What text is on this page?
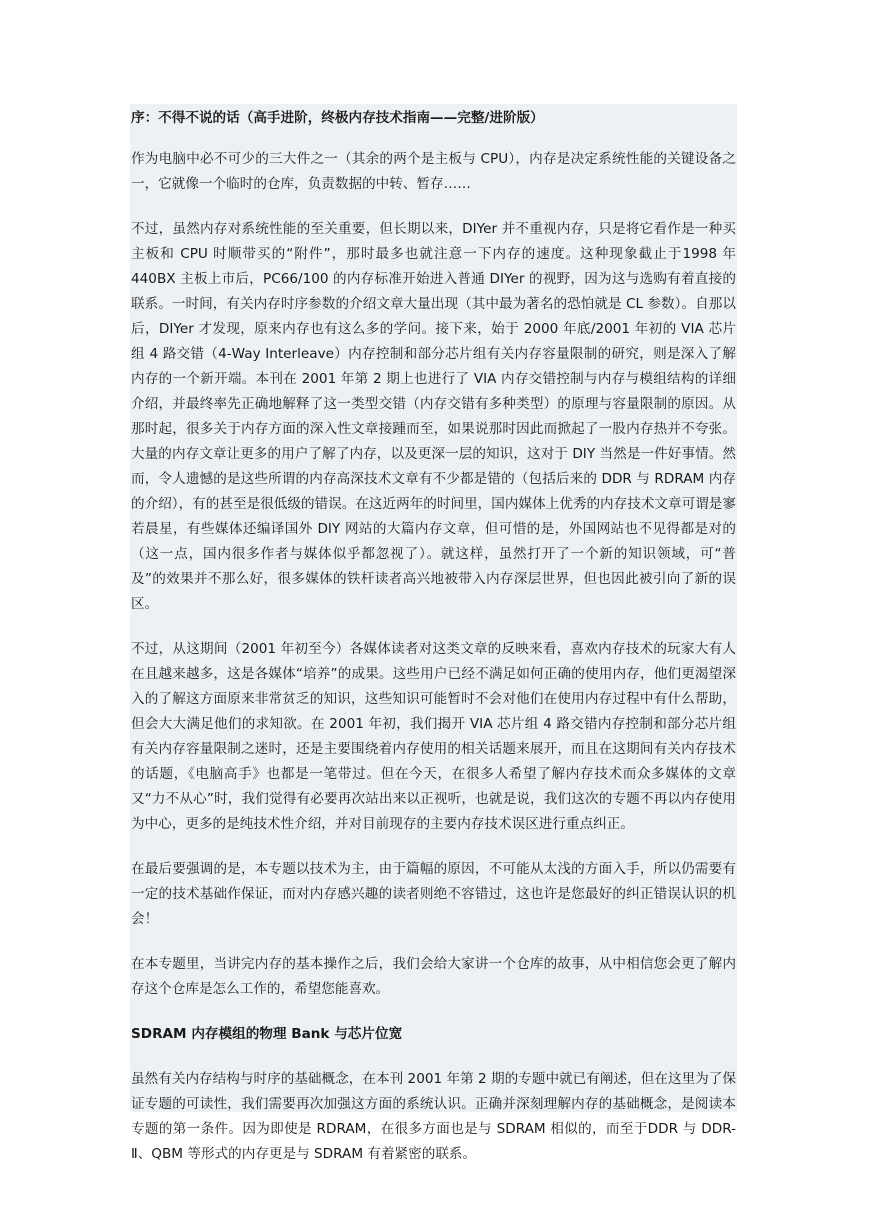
序：不得不说的话（高手进阶，终极内存技术指南——完整/进阶版）

作为电脑中必不可少的三大件之一（其余的两个是主板与 CPU），内存是决定系统性能的关键设备之一，它就像一个临时的仓库，负责数据的中转、暂存……

不过，虽然内存对系统性能的至关重要，但长期以来，DIYer 并不重视内存，只是将它看作是一种买主板和 CPU 时顺带买的“附件”，那时最多也就注意一下内存的速度。这种现象截止于1998 年 440BX 主板上市后，PC66/100 的内存标准开始进入普通 DIYer 的视野，因为这与选购有着直接的联系。一时间，有关内存时序参数的介绍文章大量出现（其中最为著名的恐怕就是 CL 参数）。自那以后，DIYer 才发现，原来内存也有这么多的学问。接下来，始于 2000 年底/2001 年初的 VIA 芯片组 4 路交错（4-Way Interleave）内存控制和部分芯片组有关内存容量限制的研究，则是深入了解内存的一个新开端。本刊在 2001 年第 2 期上也进行了 VIA 内存交错控制与内存与模组结构的详细介绍，并最终率先正确地解释了这一类型交错（内存交错有多种类型）的原理与容量限制的原因。从那时起，很多关于内存方面的深入性文章接踵而至，如果说那时因此而掀起了一股内存热并不夸张。大量的内存文章让更多的用户了解了内存，以及更深一层的知识，这对于 DIY 当然是一件好事情。然而，令人遗憾的是这些所谓的内存高深技术文章有不少都是错的（包括后来的 DDR 与 RDRAM 内存的介绍），有的甚至是很低级的错误。在这近两年的时间里，国内媒体上优秀的内存技术文章可谓是寥若晨星，有些媒体还编译国外 DIY 网站的大篇内存文章，但可惜的是，外国网站也不见得都是对的（这一点，国内很多作者与媒体似乎都忽视了）。就这样，虽然打开了一个新的知识领域，可“普及”的效果并不那么好，很多媒体的铁杆读者高兴地被带入内存深层世界，但也因此被引向了新的误区。

不过，从这期间（2001 年初至今）各媒体读者对这类文章的反映来看，喜欢内存技术的玩家大有人在且越来越多，这是各媒体“培养”的成果。这些用户已经不满足如何正确的使用内存，他们更渴望深入的了解这方面原来非常贫乏的知识，这些知识可能暂时不会对他们在使用内存过程中有什么帮助，但会大大满足他们的求知欲。在 2001 年初，我们揭开 VIA 芯片组 4 路交错内存控制和部分芯片组有关内存容量限制之迷时，还是主要围绕着内存使用的相关话题来展开，而且在这期间有关内存技术的话题，《电脑高手》也都是一笔带过。但在今天，在很多人希望了解内存技术而众多媒体的文章又“力不从心”时，我们觉得有必要再次站出来以正视听，也就是说，我们这次的专题不再以内存使用为中心，更多的是纯技术性介绍，并对目前现存的主要内存技术误区进行重点纠正。

在最后要强调的是，本专题以技术为主，由于篇幅的原因，不可能从太浅的方面入手，所以仍需要有一定的技术基础作保证，而对内存感兴趣的读者则绝不容错过，这也许是您最好的纠正错误认识的机会！

在本专题里，当讲完内存的基本操作之后，我们会给大家讲一个仓库的故事，从中相信您会更了解内存这个仓库是怎么工作的，希望您能喜欢。

SDRAM 内存模组的物理 Bank 与芯片位宽

虽然有关内存结构与时序的基础概念，在本刊 2001 年第 2 期的专题中就已有阐述，但在这里为了保证专题的可读性，我们需要再次加强这方面的系统认识。正确并深刻理解内存的基础概念，是阅读本专题的第一条件。因为即使是 RDRAM，在很多方面也是与 SDRAM 相似的，而至于DDR 与 DDR-Ⅱ、QBM 等形式的内存更是与 SDRAM 有着紧密的联系。
